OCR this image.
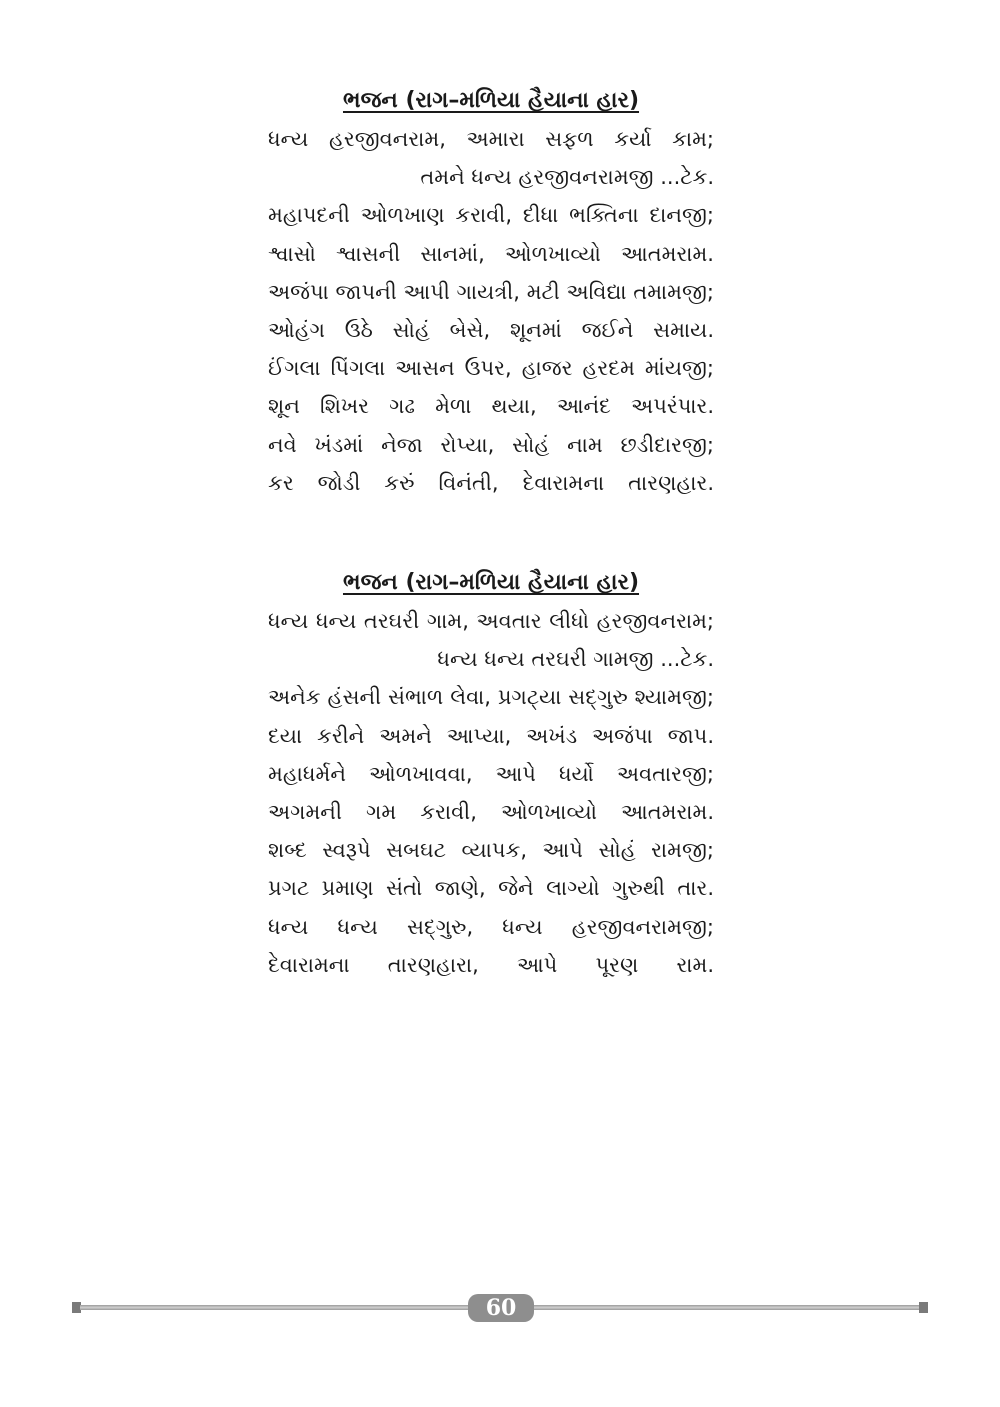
ભજન (રાગ–મળિયા હૈયાના હાર)
ધન્ય હરજીવનરામ, અમારા સફળ કર્યા કામ;
તમને ધન્ય હરજીવનરામજી ...ટેક.
મહાપદની ઓળખાણ કરાવી, દીધા ભક્તિના દાનજી;
શ્વાસો શ્વાસની સાનમાં, ઓળખાવ્યો આતમરામ.
અજંપા જાપની આપી ગાયત્રી, મટી અવિદ્યા તમામજી;
ઓહંગ ઉઠે સોહં બેસે, શૂનમાં જઈને સમાય.
ઈંગલા પિંગલા આસન ઉપર, હાજર હરદમ માંયજી;
શૂન શિખર ગઢ મેળા થયા, આનંદ અપરંપાર.
નવે ખંડમાં નેજા રોપ્યા, સોહં નામ છડીદારજી;
કર જોડી કરું વિનંતી, દેવારામના તારણહાર.
ભજન (રાગ–મળિયા હૈયાના હાર)
ધન્ય ધન્ય તરઘરી ગામ, અવતાર લીધો હરજીવનરામ;
ધન્ય ધન્ય તરઘરી ગામજી ...ટેક.
અનેક હંસની સંભાળ લેવા, પ્રગટ્યા સદ્ગુરુ શ્યામજી;
દયા કરીને અમને આપ્યા, અખંડ અજંપા જાપ.
મહાધર્મને ઓળખાવવા, આપે ધર્યો અવતારજી;
અગમની ગમ કરાવી, ઓળખાવ્યો આતમરામ.
શબ્દ સ્વરૂપે સબઘટ વ્યાપક, આપે સોહં રામજી;
પ્રગટ પ્રમાણ સંતો જાણે, જેને લાગ્યો ગુરુથી તાર.
ધન્ય ધન્ય સદ્ગુરુ, ધન્ય હરજીવનરામજી;
દેવારામના તારણહારા, આપે પૂરણ રામ.
60
